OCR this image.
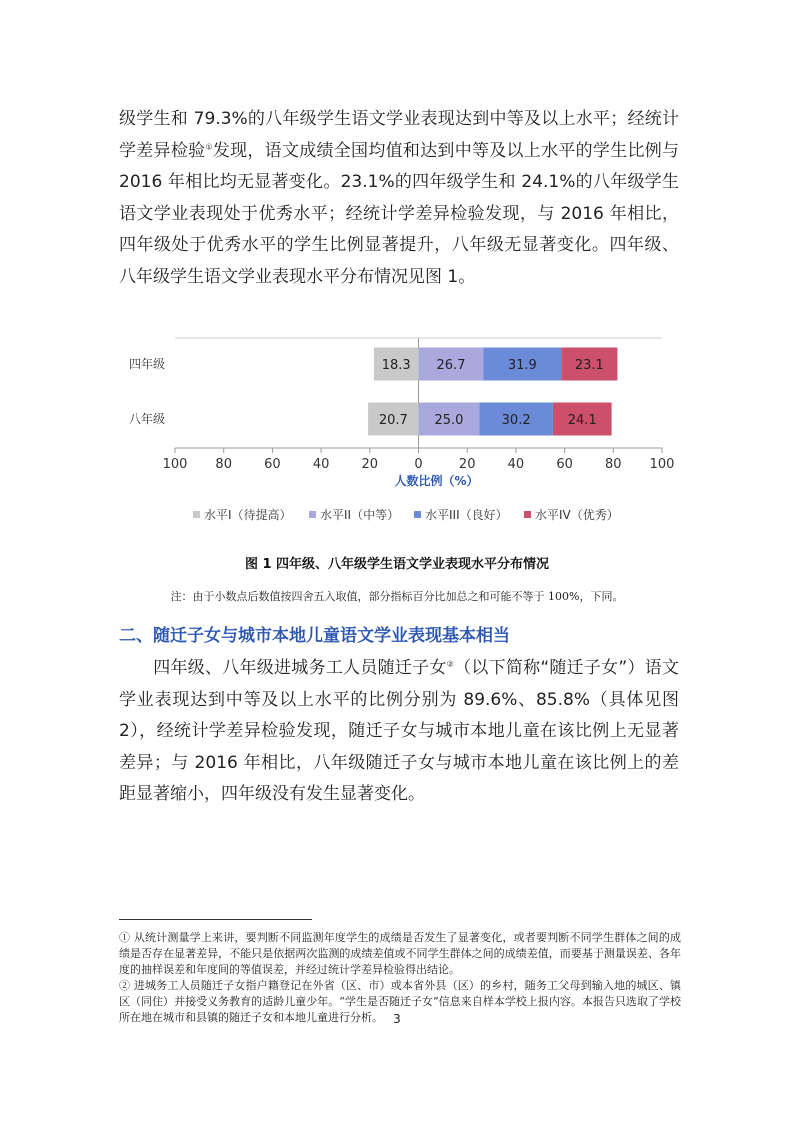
级学生和 79.3%的八年级学生语文学业表现达到中等及以上水平；经统计学差异检验①发现，语文成绩全国均值和达到中等及以上水平的学生比例与 2016 年相比均无显著变化。23.1%的四年级学生和 24.1%的八年级学生语文学业表现处于优秀水平；经统计学差异检验发现，与 2016 年相比，四年级处于优秀水平的学生比例显著提升，八年级无显著变化。四年级、八年级学生语文学业表现水平分布情况见图 1。

100 80 60 40 20	0	20 40 60 80 100
人数比例（%）
四年级
八年级
18.3 26.7	31.9	23.1
20.7 25.0	30.2	24.1
水平I（待提高） 水平II（中等） 水平III（良好） 水平IV（优秀）
图 1 四年级、八年级学生语文学业表现水平分布情况
注：由于小数点后数值按四舍五入取值，部分指标百分比加总之和可能不等于 100%，下同。
二、随迁子女与城市本地儿童语文学业表现基本相当

四年级、八年级进城务工人员随迁子女②（以下简称“随迁子女”）语文学业表现达到中等及以上水平的比例分别为 89.6%、85.8%（具体见图 2），经统计学差异检验发现，随迁子女与城市本地儿童在该比例上无显著差异；与 2016 年相比，八年级随迁子女与城市本地儿童在该比例上的差距显著缩小，四年级没有发生显著变化。

① 从统计测量学上来讲，要判断不同监测年度学生的成绩是否发生了显著变化，或者要判断不同学生群体之间的成绩是否存在显著差异，不能只是依据两次监测的成绩差值或不同学生群体之间的成绩差值，而要基于测量误差、各年度的抽样误差和年度间的等值误差，并经过统计学差异检验得出结论。

② 进城务工人员随迁子女指户籍登记在外省（区、市）或本省外县（区）的乡村，随务工父母到输入地的城区、镇区（同住）并接受义务教育的适龄儿童少年。“学生是否随迁子女”信息来自样本学校上报内容。本报告只选取了学校所在地在城市和县镇的随迁子女和本地儿童进行分析。 3
